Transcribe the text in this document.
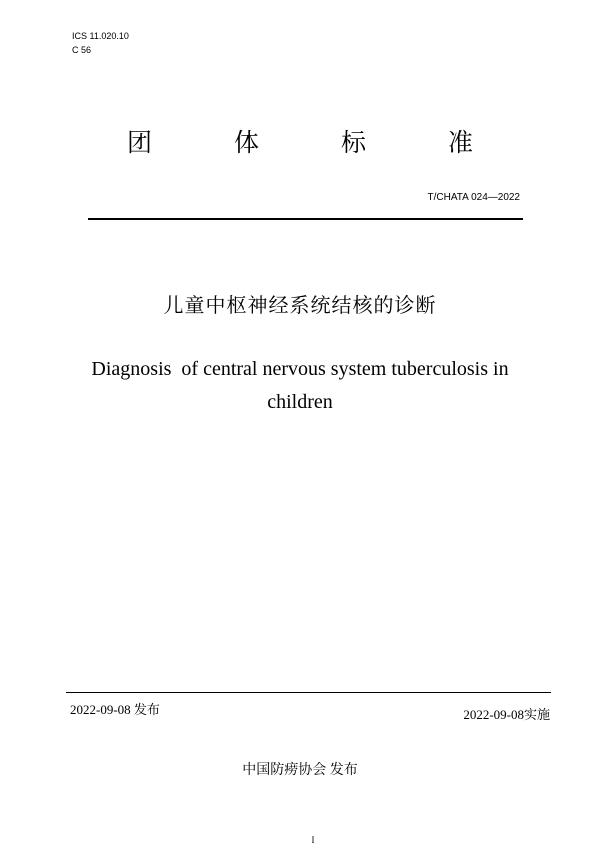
ICS 11.020.10
C 56
团	体	标	准
T/CHATA 024—2022
儿童中枢神经系统结核的诊断
Diagnosis  of central nervous system tuberculosis in children
2022-09-08 发布	2022-09-08实施
中国防痨协会 发布
I
